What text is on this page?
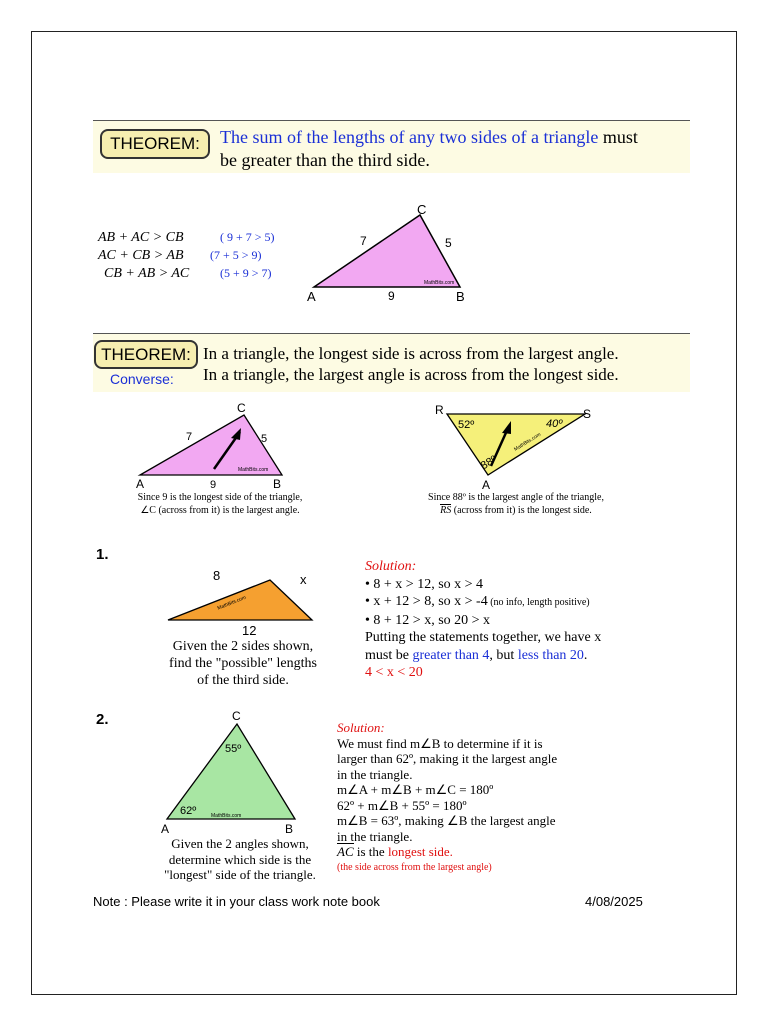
THEOREM:	The sum of the lengths of any two sides of a triangle must
be greater than the third side.
AB + AC > CB	( 9 + 7 > 5)
AC + CB > AB (7 + 5 > 9)
CB + AB > AC	(5 + 9 > 7)
C
A	B
7	5
9
MathBits.com
THEOREM:
Converse:
In a triangle, the longest side is across from the largest angle.
In a triangle, the largest angle is across from the longest side.
C
A	B
7	5
9
MathBits.com
Since 9 is the longest side of the triangle,
∠C (across from it) is the largest angle.
R	S
A
52º	40º
88º
MathBits.com
Since 88º is the largest angle of the triangle,
RS (across from it) is the longest side.
1.
8	x
12
MathBits.com
Given the 2 sides shown,
find the "possible" lengths
of the third side.
Solution:
• 8 + x > 12, so x > 4
• x + 12 > 8, so x > -4 (no info, length positive)
• 8 + 12 > x, so 20 > x
Putting the statements together, we have x
must be greater than 4, but less than 20.
4 < x < 20
2.	C
A	B
55º
62º	MathBits.com
Given the 2 angles shown,
determine which side is the
"longest" side of the triangle.
Solution:
We must find m∠B to determine if it is
larger than 62º, making it the largest angle
in the triangle.
m∠A + m∠B + m∠C = 180º
62º + m∠B + 55º = 180º
m∠B = 63º, making ∠B the largest angle
in the triangle.
AC is the longest side.
(the side across from the largest angle)
Note : Please write it in your class work note book	4/08/2025
